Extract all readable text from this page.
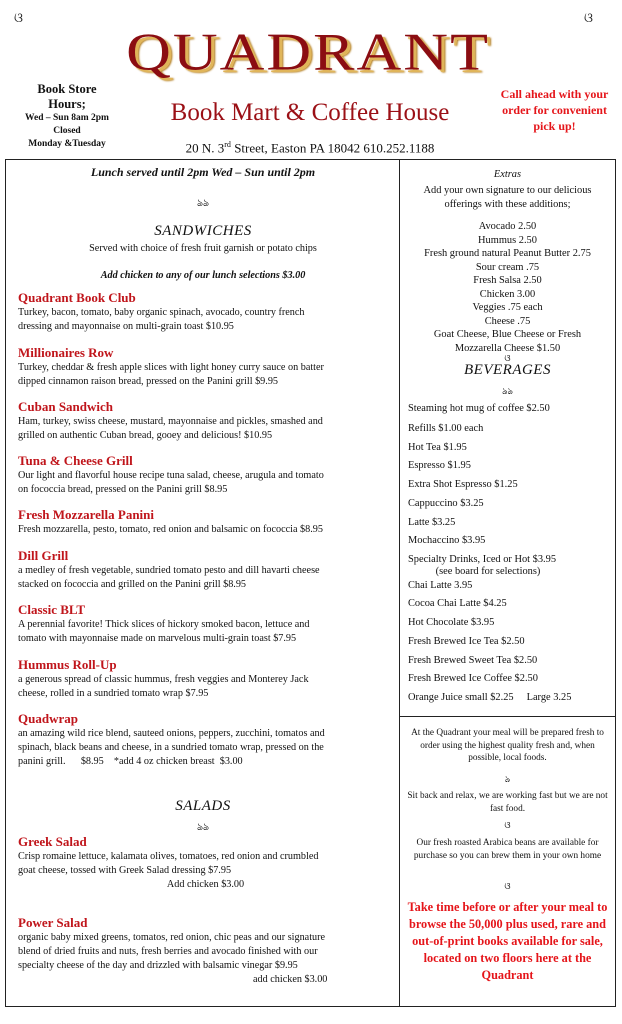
ଓ	ଓ
QUADRANT
Book Mart & Coffee House
20 N. 3rd Street, Easton PA 18042 610.252.1188
Book Store
Hours;
Wed – Sun 8am 2pm
Closed
Monday &Tuesday
Call ahead with your order for convenient pick up!
Lunch served until 2pm Wed – Sun until 2pm
ঌঌ
SANDWICHES
Served with choice of fresh fruit garnish or potato chips
Add chicken to any of our lunch selections $3.00
Quadrant Book Club
Turkey, bacon, tomato, baby organic spinach, avocado, country french
dressing and mayonnaise on multi-grain toast $10.95
Millionaires Row
Turkey, cheddar & fresh apple slices with light honey curry sauce on batter
dipped cinnamon raison bread, pressed on the Panini grill $9.95
Cuban Sandwich
Ham, turkey, swiss cheese, mustard, mayonnaise and pickles, smashed and
grilled on authentic Cuban bread, gooey and delicious! $10.95
Tuna & Cheese Grill
Our light and flavorful house recipe tuna salad, cheese, arugula and tomato
on fococcia bread, pressed on the Panini grill $8.95
Fresh Mozzarella Panini
Fresh mozzarella, pesto, tomato, red onion and balsamic on fococcia $8.95
Dill Grill
a medley of fresh vegetable, sundried tomato pesto and dill havarti cheese
stacked on fococcia and grilled on the Panini grill $8.95
Classic BLT
A perennial favorite! Thick slices of hickory smoked bacon, lettuce and
tomato with mayonnaise made on marvelous multi-grain toast $7.95
Hummus Roll-Up
a generous spread of classic hummus, fresh veggies and Monterey Jack
cheese, rolled in a sundried tomato wrap $7.95
Quadwrap
an amazing wild rice blend, sauteed onions, peppers, zucchini, tomatos and
spinach, black beans and cheese, in a sundried tomato wrap, pressed on the
panini grill.      $8.95    *add 4 oz chicken breast  $3.00
SALADS
ঌঌ
Greek Salad
Crisp romaine lettuce, kalamata olives, tomatoes, red onion and crumbled
goat cheese, tossed with Greek Salad dressing $7.95
Add chicken $3.00
Power Salad
organic baby mixed greens, tomatos, red onion, chic peas and our signature
blend of dried fruits and nuts, fresh berries and avocado finished with our
specialty cheese of the day and drizzled with balsamic vinegar $9.95
add chicken $3.00
Extras
Add your own signature to our delicious
offerings with these additions;
Avocado 2.50
Hummus 2.50
Fresh ground natural Peanut Butter 2.75
Sour cream .75
Fresh Salsa 2.50
Chicken 3.00
Veggies .75 each
Cheese .75
Goat Cheese, Blue Cheese or Fresh
Mozzarella Cheese $1.50
ଓ
BEVERAGES
ঌঌ
Steaming hot mug of coffee $2.50
Refills $1.00 each
Hot Tea $1.95
Espresso $1.95
Extra Shot Espresso $1.25
Cappuccino $3.25
Latte $3.25
Mochaccino $3.95
Specialty Drinks, Iced or Hot $3.95
(see board for selections)
Chai Latte 3.95
Cocoa Chai Latte $4.25
Hot Chocolate $3.95
Fresh Brewed Ice Tea $2.50
Fresh Brewed Sweet Tea $2.50
Fresh Brewed Ice Coffee $2.50
Orange Juice small $2.25     Large 3.25
At the Quadrant your meal will be prepared fresh to order using the highest quality fresh and, when possible, local foods.
ঌ
Sit back and relax, we are working fast but we are not fast food.
ଓ
Our fresh roasted Arabica beans are available for purchase so you can brew them in your own home
ଓ
Take time before or after your meal to browse the 50,000 plus used, rare and out-of-print books available for sale, located on two floors here at the Quadrant
